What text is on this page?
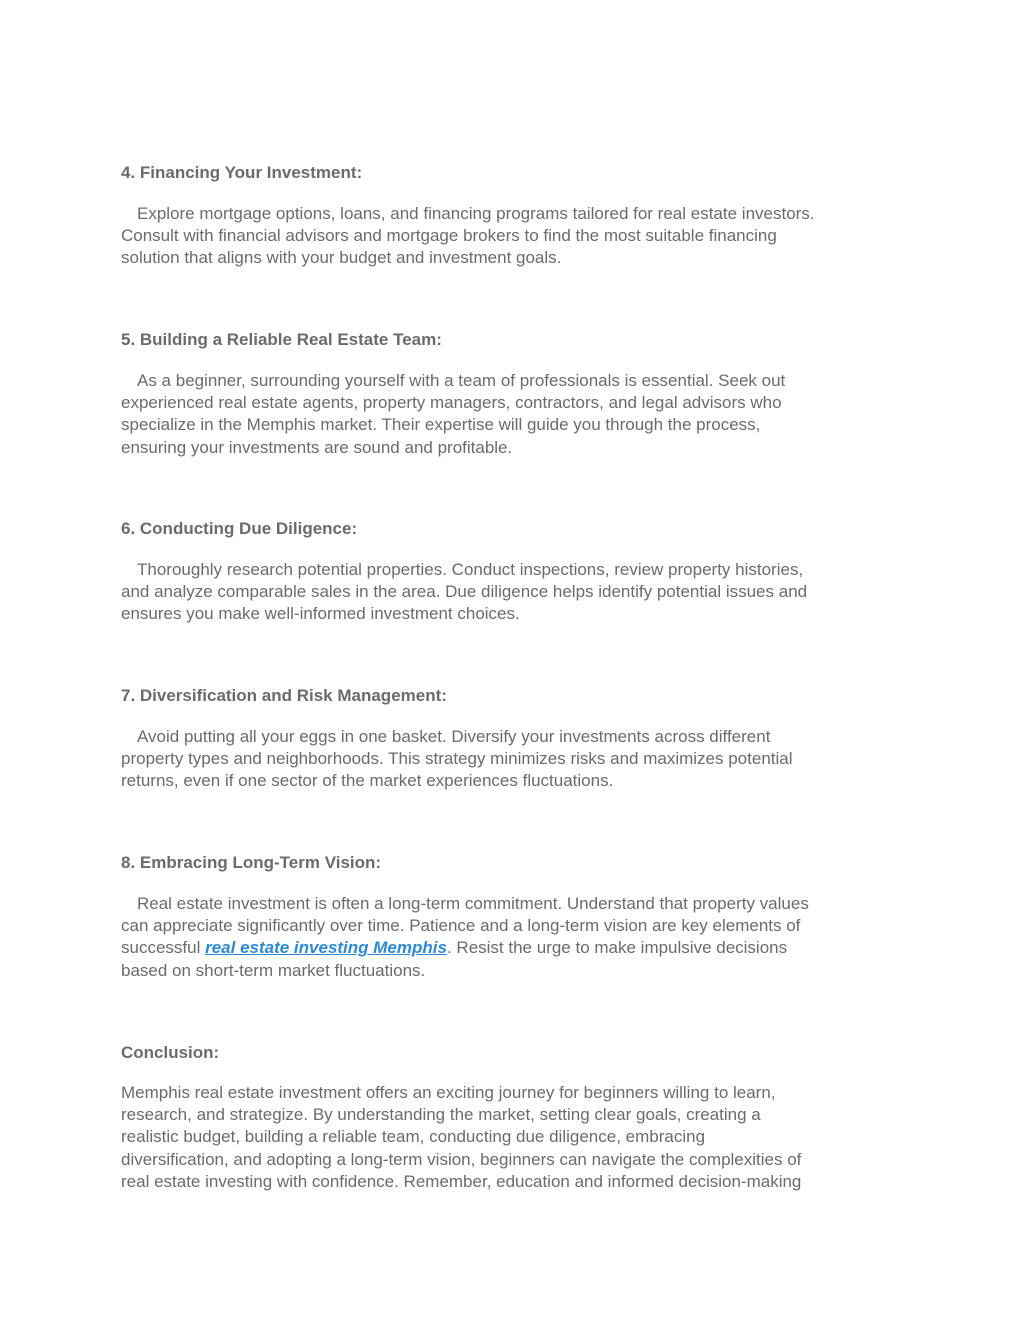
4. Financing Your Investment:

Explore mortgage options, loans, and financing programs tailored for real estate investors.
Consult with financial advisors and mortgage brokers to find the most suitable financing
solution that aligns with your budget and investment goals.

5. Building a Reliable Real Estate Team:

As a beginner, surrounding yourself with a team of professionals is essential. Seek out
experienced real estate agents, property managers, contractors, and legal advisors who
specialize in the Memphis market. Their expertise will guide you through the process,
ensuring your investments are sound and profitable.

6. Conducting Due Diligence:

Thoroughly research potential properties. Conduct inspections, review property histories,
and analyze comparable sales in the area. Due diligence helps identify potential issues and
ensures you make well-informed investment choices.

7. Diversification and Risk Management:

Avoid putting all your eggs in one basket. Diversify your investments across different
property types and neighborhoods. This strategy minimizes risks and maximizes potential
returns, even if one sector of the market experiences fluctuations.

8. Embracing Long-Term Vision:

Real estate investment is often a long-term commitment. Understand that property values
can appreciate significantly over time. Patience and a long-term vision are key elements of
successful real estate investing Memphis. Resist the urge to make impulsive decisions
based on short-term market fluctuations.

Conclusion:

Memphis real estate investment offers an exciting journey for beginners willing to learn,
research, and strategize. By understanding the market, setting clear goals, creating a
realistic budget, building a reliable team, conducting due diligence, embracing
diversification, and adopting a long-term vision, beginners can navigate the complexities of
real estate investing with confidence. Remember, education and informed decision-making
